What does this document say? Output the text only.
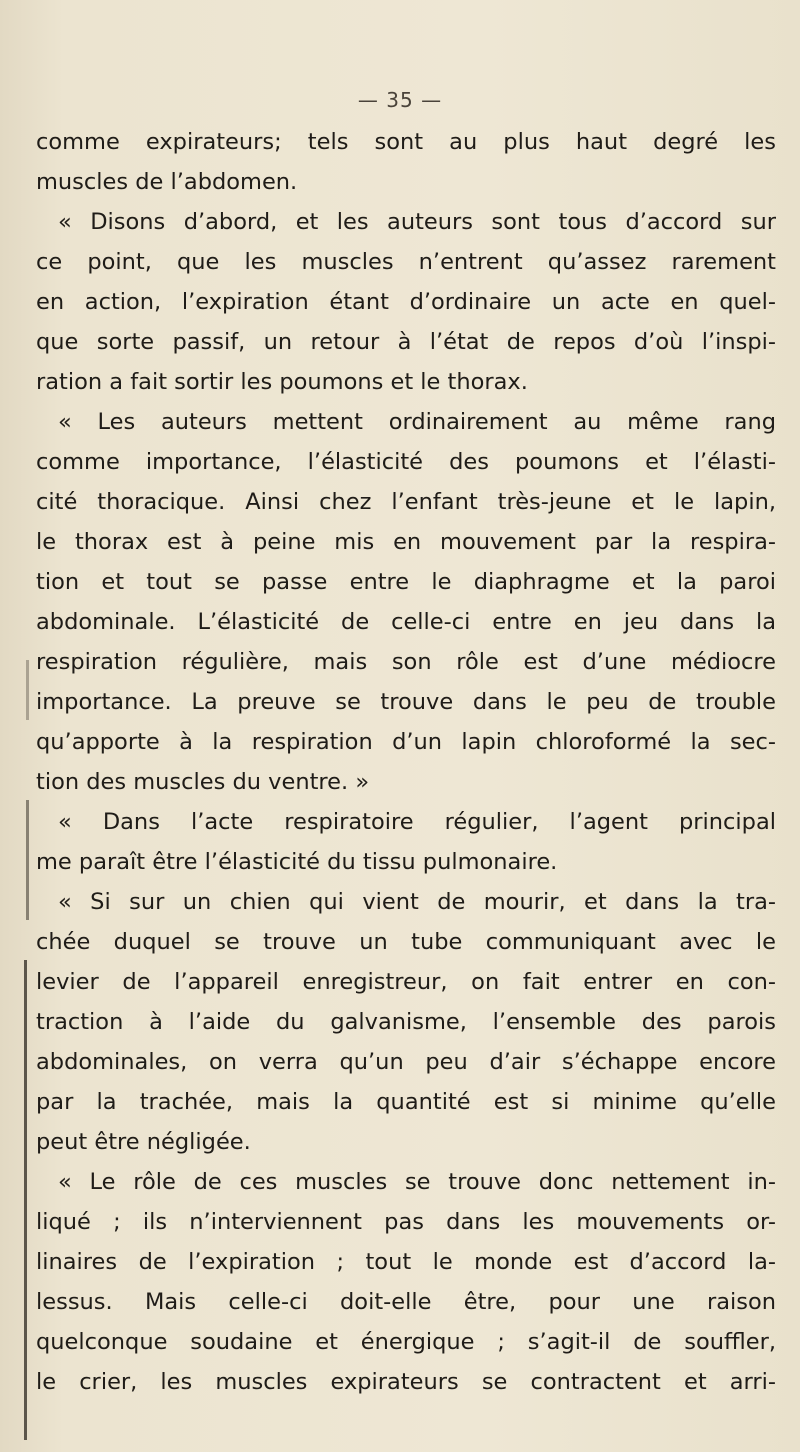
— 35 —
comme expirateurs; tels sont au plus haut degré les
muscles de l’abdomen.
« Disons d’abord, et les auteurs sont tous d’accord sur
ce point, que les muscles n’entrent qu’assez rarement
en action, l’expiration étant d’ordinaire un acte en quel-
que sorte passif, un retour à l’état de repos d’où l’inspi-
ration a fait sortir les poumons et le thorax.
« Les auteurs mettent ordinairement au même rang
comme importance, l’élasticité des poumons et l’élasti-
cité thoracique. Ainsi chez l’enfant très-jeune et le lapin,
le thorax est à peine mis en mouvement par la respira-
tion et tout se passe entre le diaphragme et la paroi
abdominale. L’élasticité de celle-ci entre en jeu dans la
respiration régulière, mais son rôle est d’une médiocre
importance. La preuve se trouve dans le peu de trouble
qu’apporte à la respiration d’un lapin chloroformé la sec-
tion des muscles du ventre. »
« Dans l’acte respiratoire régulier, l’agent principal
me paraît être l’élasticité du tissu pulmonaire.
« Si sur un chien qui vient de mourir, et dans la tra-
chée duquel se trouve un tube communiquant avec le
levier de l’appareil enregistreur, on fait entrer en con-
traction à l’aide du galvanisme, l’ensemble des parois
abdominales, on verra qu’un peu d’air s’échappe encore
par la trachée, mais la quantité est si minime qu’elle
peut être négligée.
« Le rôle de ces muscles se trouve donc nettement in-
liqué ; ils n’interviennent pas dans les mouvements or-
linaires de l’expiration ; tout le monde est d’accord la-
lessus. Mais celle-ci doit-elle être, pour une raison
quelconque soudaine et énergique ; s’agit-il de souffler,
le crier, les muscles expirateurs se contractent et arri-
